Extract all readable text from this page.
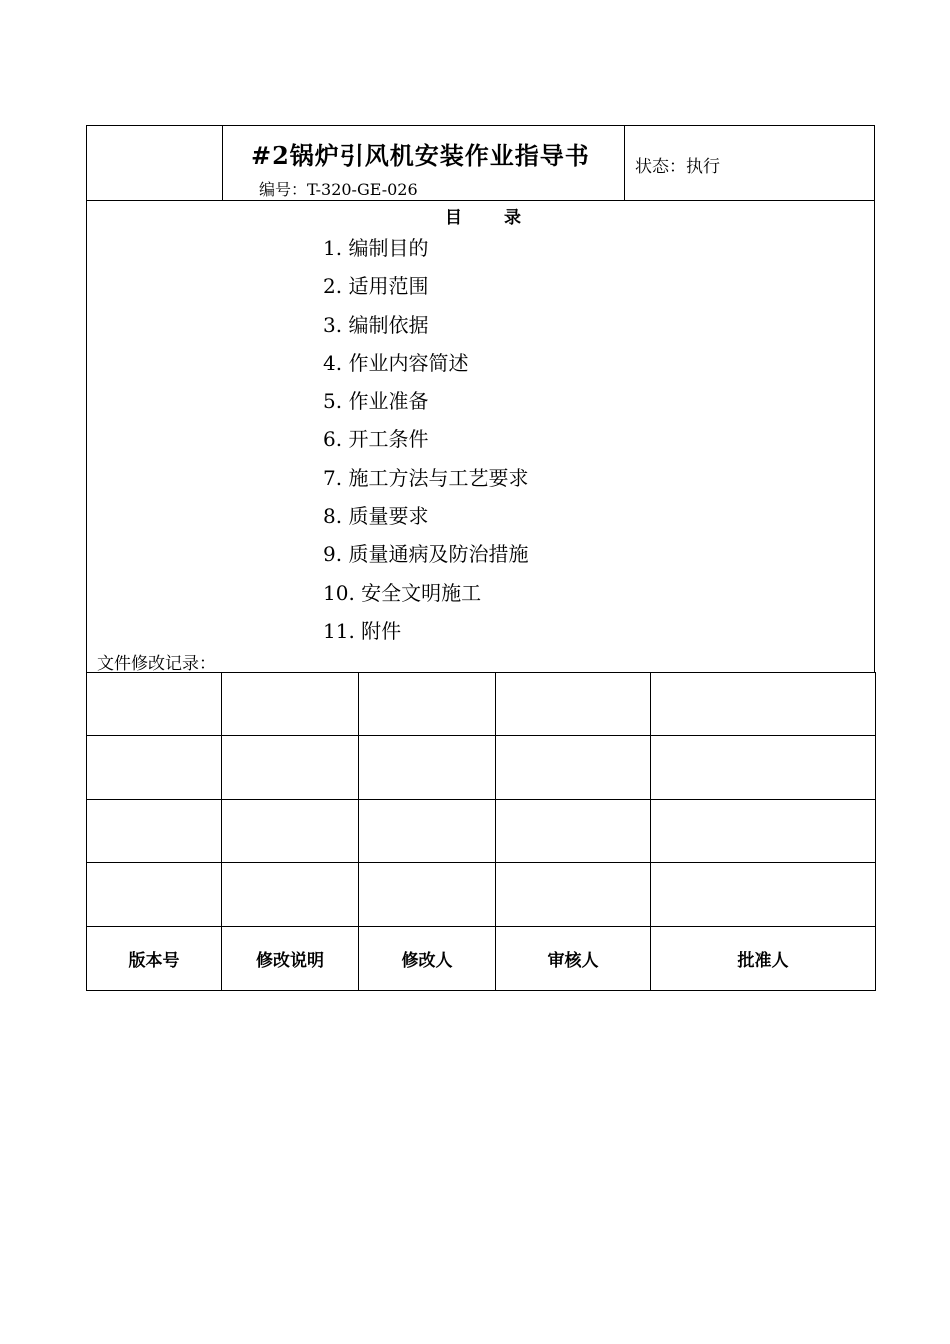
#2锅炉引风机安装作业指导书
编号：T-320-GE-026
状态：执行
目 录
1. 编制目的
2. 适用范围
3. 编制依据
4. 作业内容简述
5. 作业准备
6. 开工条件
7. 施工方法与工艺要求
8. 质量要求
9. 质量通病及防治措施
10. 安全文明施工
11. 附件
文件修改记录：

版本号	修改说明	修改人	审核人	批准人
